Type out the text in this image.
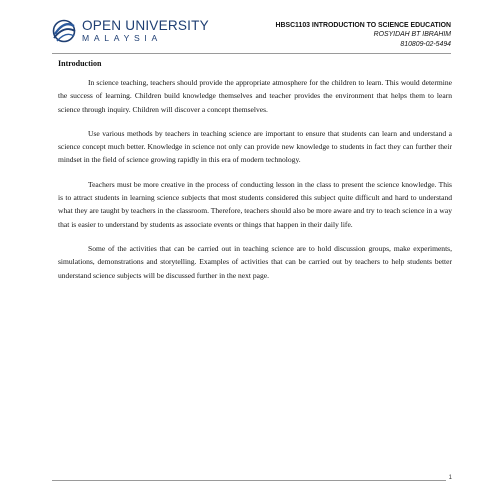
OPEN UNIVERSITY
MALAYSIA
HBSC1103 INTRODUCTION TO SCIENCE EDUCATION
ROSYIDAH BT IBRAHIM
810809-02-5494

Introduction

In science teaching, teachers should provide the appropriate atmosphere for the children to learn. This would determine the success of learning. Children build knowledge themselves and teacher provides the environment that helps them to learn science through inquiry. Children will discover a concept themselves.

Use various methods by teachers in teaching science are important to ensure that students can learn and understand a science concept much better. Knowledge in science not only can provide new knowledge to students in fact they can further their mindset in the field of science growing rapidly in this era of modern technology.

Teachers must be more creative in the process of conducting lesson in the class to present the science knowledge. This is to attract students in learning science subjects that most students considered this subject quite difficult and hard to understand what they are taught by teachers in the classroom. Therefore, teachers should also be more aware and try to teach science in a way that is easier to understand by students as associate events or things that happen in their daily life.

Some of the activities that can be carried out in teaching science are to hold discussion groups, make experiments, simulations, demonstrations and storytelling. Examples of activities that can be carried out by teachers to help students better understand science subjects will be discussed further in the next page.

1
